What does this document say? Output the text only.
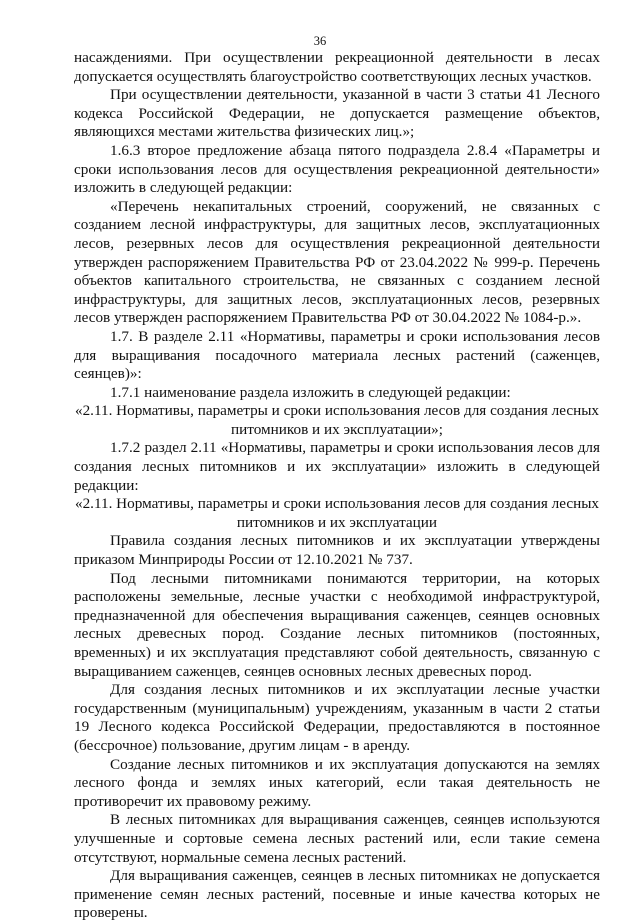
36

насаждениями. При осуществлении рекреационной деятельности в лесах допускается осуществлять благоустройство соответствующих лесных участков.

При осуществлении деятельности, указанной в части 3 статьи 41 Лесного кодекса Российской Федерации, не допускается размещение объектов, являющихся местами жительства физических лиц.»;

1.6.3 второе предложение абзаца пятого подраздела 2.8.4 «Параметры и сроки использования лесов для осуществления рекреационной деятельности» изложить в следующей редакции:

«Перечень некапитальных строений, сооружений, не связанных с созданием лесной инфраструктуры, для защитных лесов, эксплуатационных лесов, резервных лесов для осуществления рекреационной деятельности утвержден распоряжением Правительства РФ от 23.04.2022 № 999-р. Перечень объектов капитального строительства, не связанных с созданием лесной инфраструктуры, для защитных лесов, эксплуатационных лесов, резервных лесов утвержден распоряжением Правительства РФ от 30.04.2022 № 1084-р.».

1.7. В разделе 2.11 «Нормативы, параметры и сроки использования лесов для выращивания посадочного материала лесных растений (саженцев, сеянцев)»:

1.7.1 наименование раздела изложить в следующей редакции:

«2.11. Нормативы, параметры и сроки использования лесов для создания лесных питомников и их эксплуатации»;

1.7.2 раздел 2.11 «Нормативы, параметры и сроки использования лесов для создания лесных питомников и их эксплуатации» изложить в следующей редакции:

«2.11. Нормативы, параметры и сроки использования лесов для создания лесных питомников и их эксплуатации

Правила создания лесных питомников и их эксплуатации утверждены приказом Минприроды России от 12.10.2021 № 737.

Под лесными питомниками понимаются территории, на которых расположены земельные, лесные участки с необходимой инфраструктурой, предназначенной для обеспечения выращивания саженцев, сеянцев основных лесных древесных пород. Создание лесных питомников (постоянных, временных) и их эксплуатация представляют собой деятельность, связанную с выращиванием саженцев, сеянцев основных лесных древесных пород.

Для создания лесных питомников и их эксплуатации лесные участки государственным (муниципальным) учреждениям, указанным в части 2 статьи 19 Лесного кодекса Российской Федерации, предоставляются в постоянное (бессрочное) пользование, другим лицам - в аренду.

Создание лесных питомников и их эксплуатация допускаются на землях лесного фонда и землях иных категорий, если такая деятельность не противоречит их правовому режиму.

В лесных питомниках для выращивания саженцев, сеянцев используются улучшенные и сортовые семена лесных растений или, если такие семена отсутствуют, нормальные семена лесных растений.

Для выращивания саженцев, сеянцев в лесных питомниках не допускается применение семян лесных растений, посевные и иные качества которых не проверены.
